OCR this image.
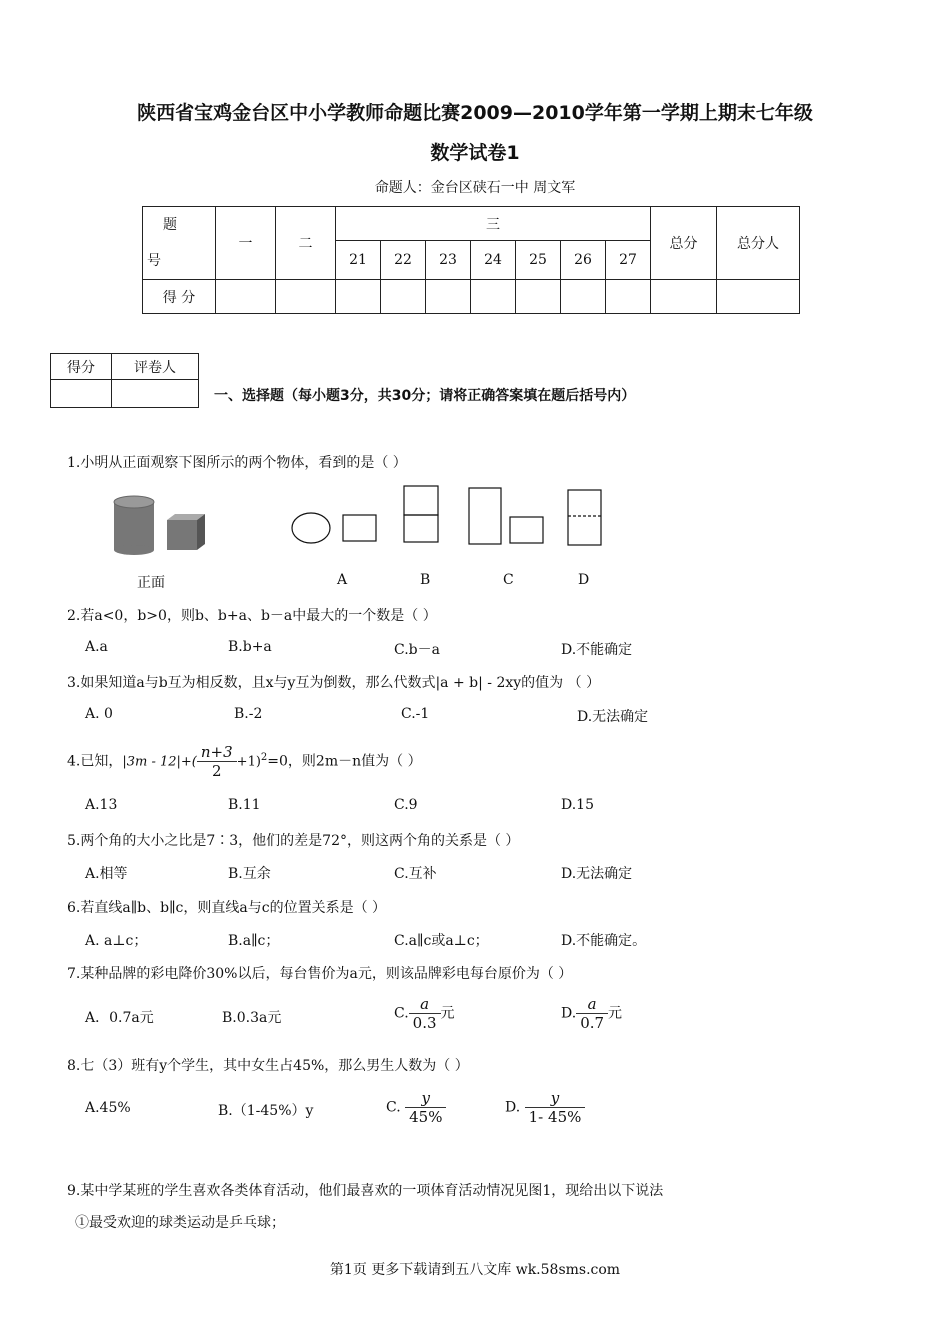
陕西省宝鸡金台区中小学教师命题比赛2009—2010学年第一学期上期末七年级
数学试卷1
命题人：金台区硖石一中 周文军
题
号	一	二	三							总分	总分人
			21	22	23	24	25	26	27		
得 分											
得分	评卷人

一、选择题（每小题3分，共30分；请将正确答案填在题后括号内）
1.小明从正面观察下图所示的两个物体，看到的是（ ）
正面	A	B	C	D
2.若a<0，b>0，则b、b+a、b－a中最大的一个数是（ ）
A.a	B.b+a	C.b－a	D.不能确定
3.如果知道a与b互为相反数，且x与y互为倒数，那么代数式|a + b| - 2xy的值为 （ ）
A. 0	B.-2	C.-1	D.无法确定
4.已知，$|3m - 12|+( \frac{n+3}{2} +1)^2=0$，则2m－n值为（ ）
A.13	B.11	C.9	D.15
5.两个角的大小之比是7∶3，他们的差是72°，则这两个角的关系是（ ）
A.相等	B.互余	C.互补	D.无法确定
6.若直线a∥b、b∥c，则直线a与c的位置关系是（ ）
A. a⊥c；	B.a∥c；	C.a∥c或a⊥c；	D.不能确定。
7.某种品牌的彩电降价30%以后，每台售价为a元，则该品牌彩电每台原价为（ ）
A．0.7a元	B.0.3a元	C. $\frac{a}{0.3}$ 元	D. $\frac{a}{0.7}$ 元
8.七（3）班有y个学生，其中女生占45%，那么男生人数为（ ）
A.45%	B.（1-45%）y	C. $\frac{y}{45\%}$	D. $\frac{y}{1- 45\%}$
9.某中学某班的学生喜欢各类体育活动，他们最喜欢的一项体育活动情况见图1，现给出以下说法
①最受欢迎的球类运动是乒乓球；
第1页 更多下载请到五八文库 wk.58sms.com
